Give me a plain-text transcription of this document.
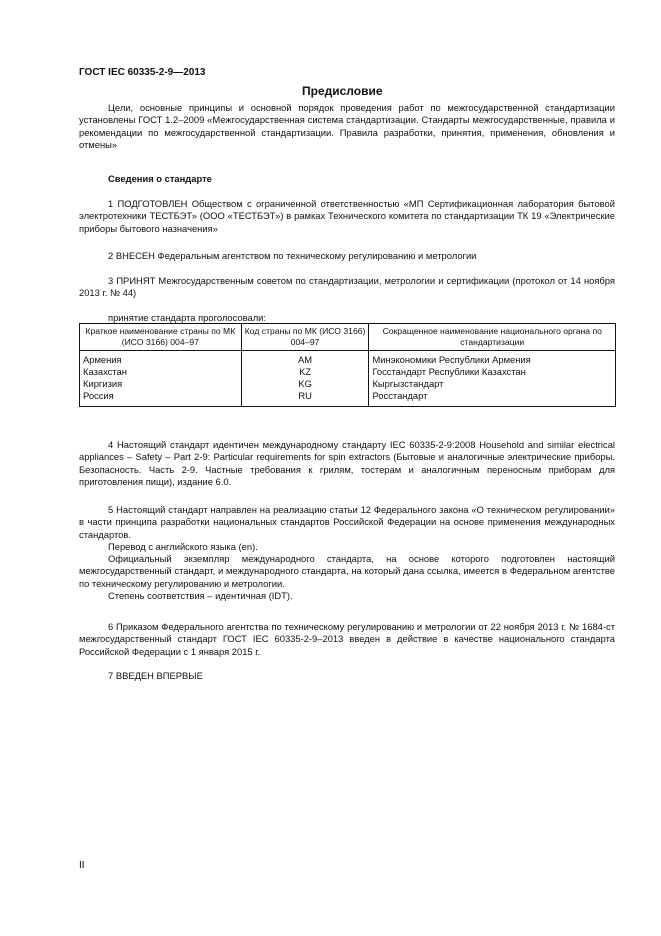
ГОСТ IEC 60335-2-9—2013
Предисловие

Цели, основные принципы и основной порядок проведения работ по межгосударственной стандартизации установлены ГОСТ 1.2–2009 «Межгосударственная система стандартизации. Стандарты межгосударственные, правила и рекомендации по межгосударственной стандартизации. Правила разработки, принятия, применения, обновления и отмены»

Сведения о стандарте

1 ПОДГОТОВЛЕН Обществом с ограниченной ответственностью «МП Сертификационная лаборатория бытовой электротехники ТЕСТБЭТ» (ООО «ТЕСТБЭТ») в рамках Технического комитета по стандартизации ТК 19 «Электрические приборы бытового назначения»

2 ВНЕСЕН Федеральным агентством по техническому регулированию и метрологии

3 ПРИНЯТ Межгосударственным советом по стандартизации, метрологии и сертификации (протокол от 14 ноября 2013 г. № 44)

принятие стандарта проголосовали:

Краткое наименование страны по МК (ИСО 3166) 004–97	Код страны по МК (ИСО 3166) 004–97	Сокращенное наименование национального органа по стандартизации

Армения	AM	Минэкономики Республики Армения
Казахстан	KZ	Госстандарт Республики Казахстан
Киргизия	KG	Кыргызстандарт
Россия	RU	Росстандарт

4 Настоящий стандарт идентичен международному стандарту IEC 60335-2-9:2008 Household and similar electrical appliances – Safety – Part 2-9: Particular requirements for spin extractors (Бытовые и аналогичные электрические приборы. Безопасность. Часть 2-9. Частные требования к грилям, тостерам и аналогичным переносным приборам для приготовления пищи), издание 6.0.

5 Настоящий стандарт направлен на реализацию статьи 12 Федерального закона «О техническом регулировании» в части принципа разработки национальных стандартов Российской Федерации на основе применения международных стандартов.

Перевод с английского языка (en).

Официальный экземпляр международного стандарта, на основе которого подготовлен настоящий межгосударственный стандарт, и международного стандарта, на который дана ссылка, имеется в Федеральном агентстве по техническому регулированию и метрологии.

Степень соответствия – идентичная (IDT).

6 Приказом Федерального агентства по техническому регулированию и метрологии от 22 ноября 2013 г. № 1684-ст межгосударственный стандарт ГОСТ IEC 60335-2-9–2013 введен в действие в качестве национального стандарта Российской Федерации с 1 января 2015 г.

7 ВВЕДЕН ВПЕРВЫЕ

II
